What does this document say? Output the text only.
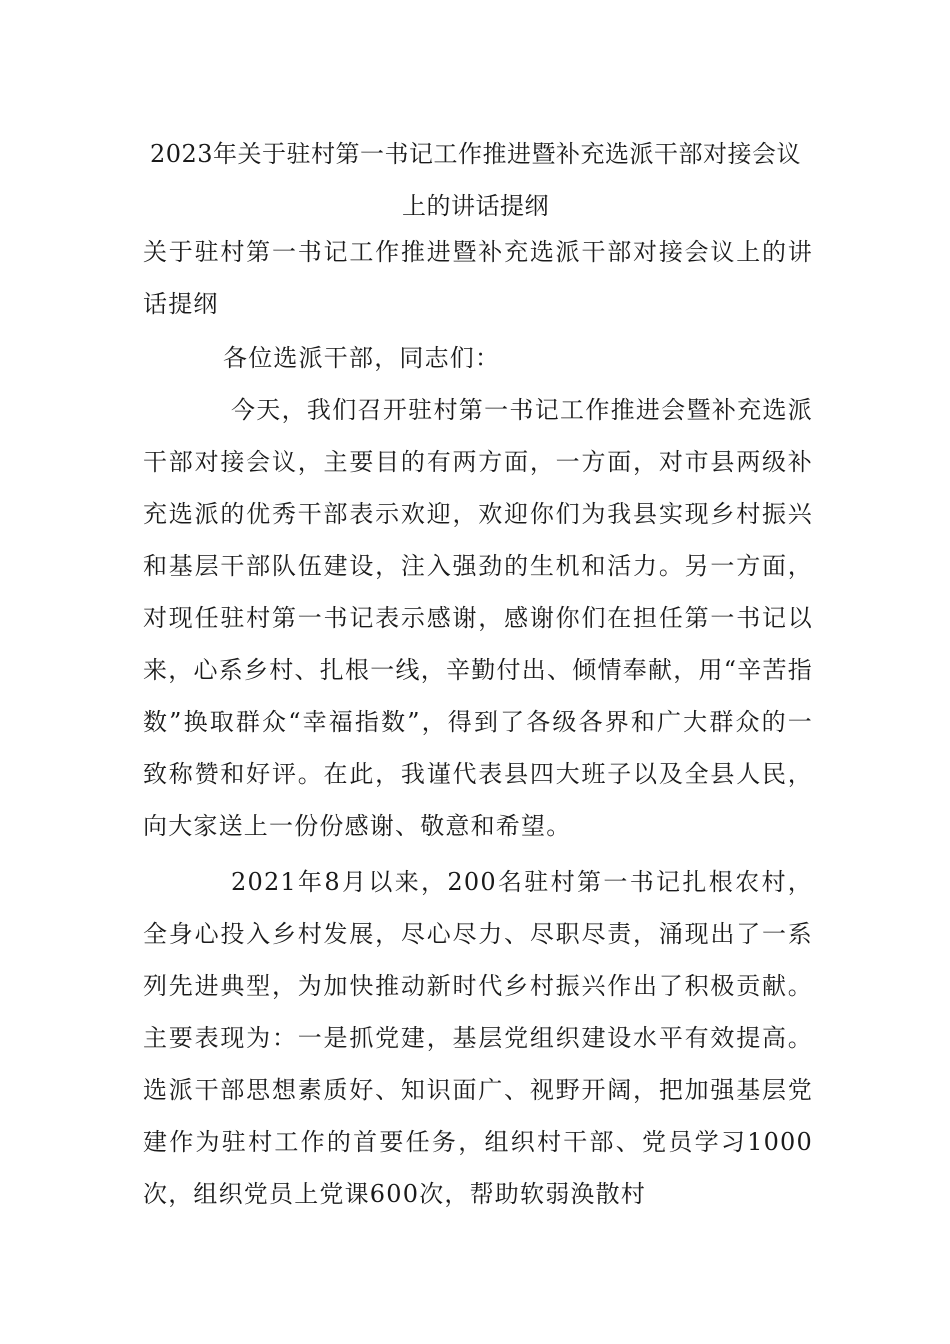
2023年关于驻村第一书记工作推进暨补充选派干部对接会议上的讲话提纲

关于驻村第一书记工作推进暨补充选派干部对接会议上的讲话提纲

各位选派干部，同志们：

今天，我们召开驻村第一书记工作推进会暨补充选派干部对接会议，主要目的有两方面，一方面，对市县两级补充选派的优秀干部表示欢迎，欢迎你们为我县实现乡村振兴和基层干部队伍建设，注入强劲的生机和活力。另一方面，对现任驻村第一书记表示感谢，感谢你们在担任第一书记以来，心系乡村、扎根一线，辛勤付出、倾情奉献，用“辛苦指数”换取群众“幸福指数”，得到了各级各界和广大群众的一致称赞和好评。在此，我谨代表县四大班子以及全县人民，向大家送上一份份感谢、敬意和希望。

2021年8月以来，200名驻村第一书记扎根农村，全身心投入乡村发展，尽心尽力、尽职尽责，涌现出了一系列先进典型，为加快推动新时代乡村振兴作出了积极贡献。主要表现为：一是抓党建，基层党组织建设水平有效提高。选派干部思想素质好、知识面广、视野开阔，把加强基层党建作为驻村工作的首要任务，组织村干部、党员学习1000次，组织党员上党课600次，帮助软弱涣散村
